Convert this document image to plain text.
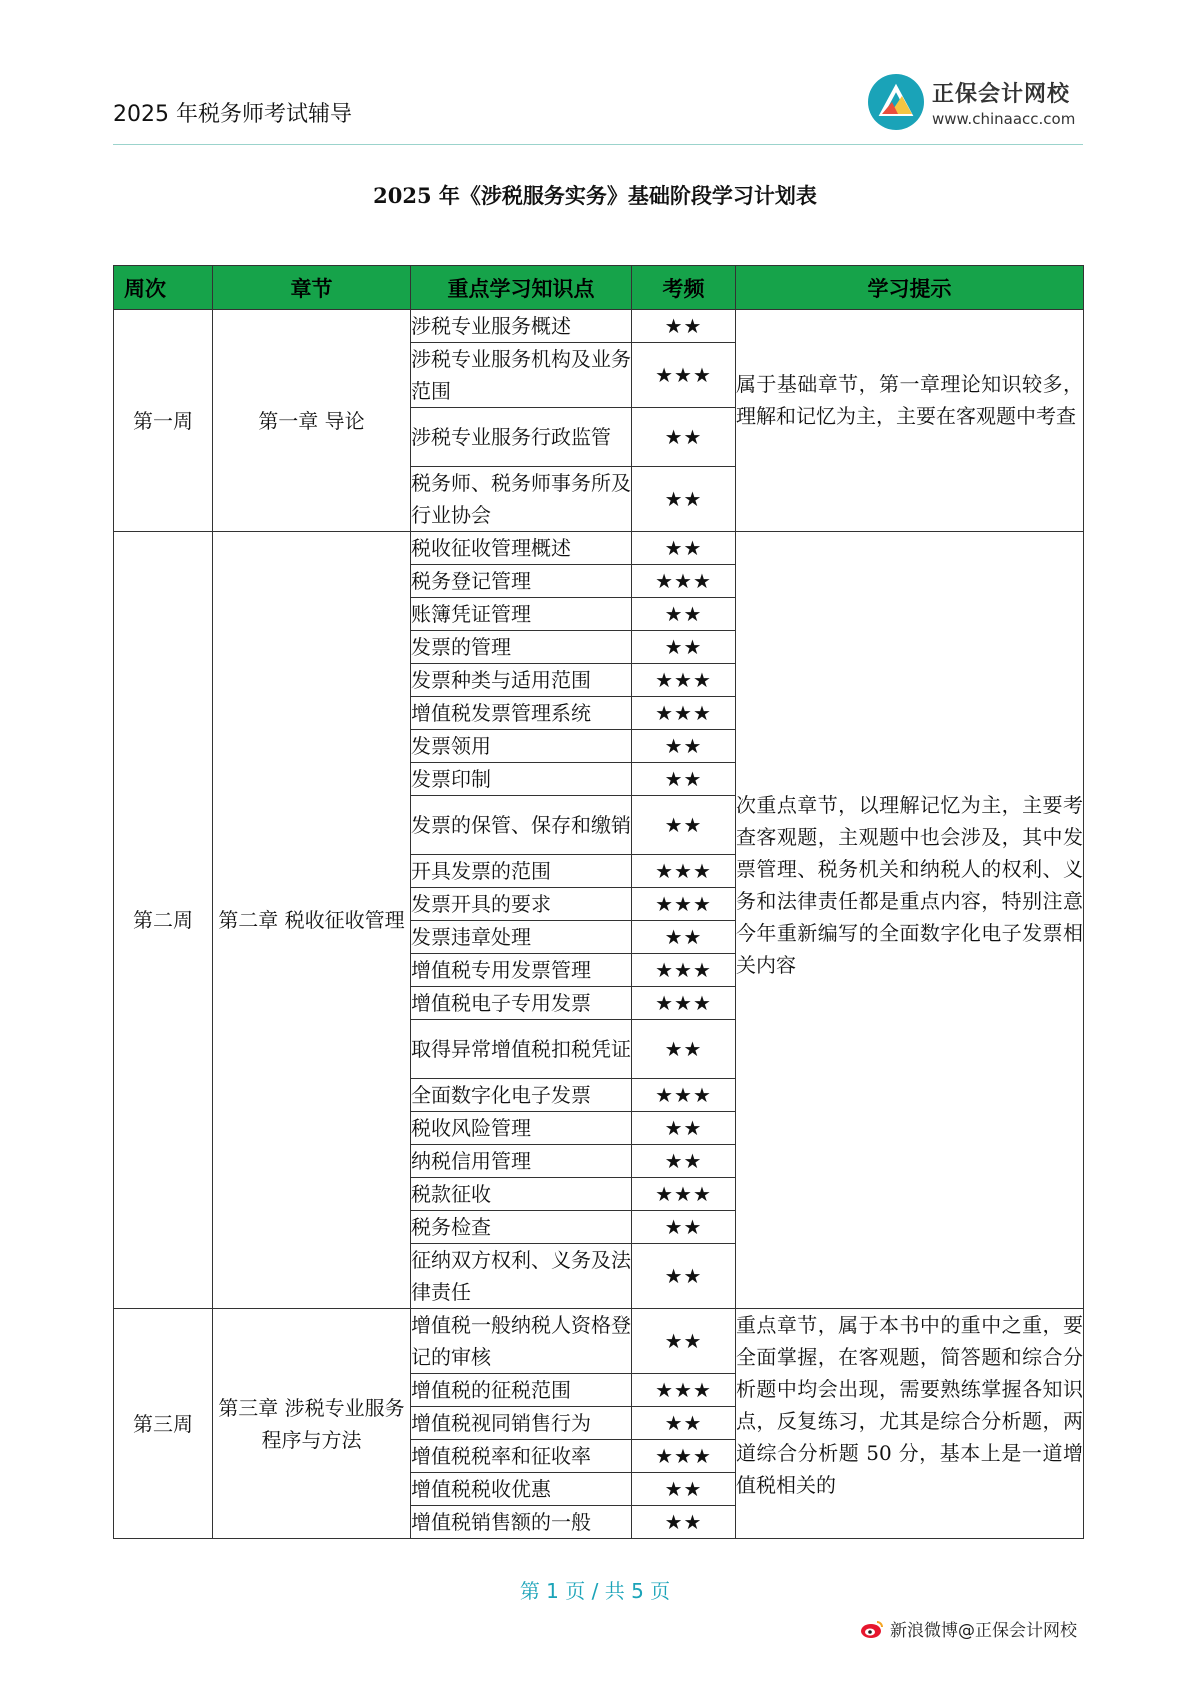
2025 年税务师考试辅导
正保会计网校
www.chinaacc.com
2025 年《涉税服务实务》基础阶段学习计划表
周次	章节	重点学习知识点	考频	学习提示
第一周	第一章 导论	涉税专业服务概述	★★	属于基础章节，第一章理论知识较多，理解和记忆为主，主要在客观题中考查
		涉税专业服务机构及业务范围	★★★	
		涉税专业服务行政监管	★★	
		税务师、税务师事务所及行业协会	★★	
第二周	第二章 税收征收管理	税收征收管理概述	★★	次重点章节，以理解记忆为主，主要考查客观题，主观题中也会涉及，其中发票管理、税务机关和纳税人的权利、义务和法律责任都是重点内容，特别注意今年重新编写的全面数字化电子发票相关内容
		税务登记管理	★★★	
		账簿凭证管理	★★	
		发票的管理	★★	
		发票种类与适用范围	★★★	
		增值税发票管理系统	★★★	
		发票领用	★★	
		发票印制	★★	
		发票的保管、保存和缴销	★★	
		开具发票的范围	★★★	
		发票开具的要求	★★★	
		发票违章处理	★★	
		增值税专用发票管理	★★★	
		增值税电子专用发票	★★★	
		取得异常增值税扣税凭证	★★	
		全面数字化电子发票	★★★	
		税收风险管理	★★	
		纳税信用管理	★★	
		税款征收	★★★	
		税务检查	★★	
		征纳双方权利、义务及法律责任	★★	
第三周	第三章 涉税专业服务程序与方法	增值税一般纳税人资格登记的审核	★★	重点章节，属于本书中的重中之重，要全面掌握，在客观题，简答题和综合分析题中均会出现，需要熟练掌握各知识点，反复练习，尤其是综合分析题，两道综合分析题 50 分，基本上是一道增值税相关的
		增值税的征税范围	★★★	
		增值税视同销售行为	★★	
		增值税税率和征收率	★★★	
		增值税税收优惠	★★	
		增值税销售额的一般	★★	
第 1 页 / 共 5 页
新浪微博@正保会计网校
